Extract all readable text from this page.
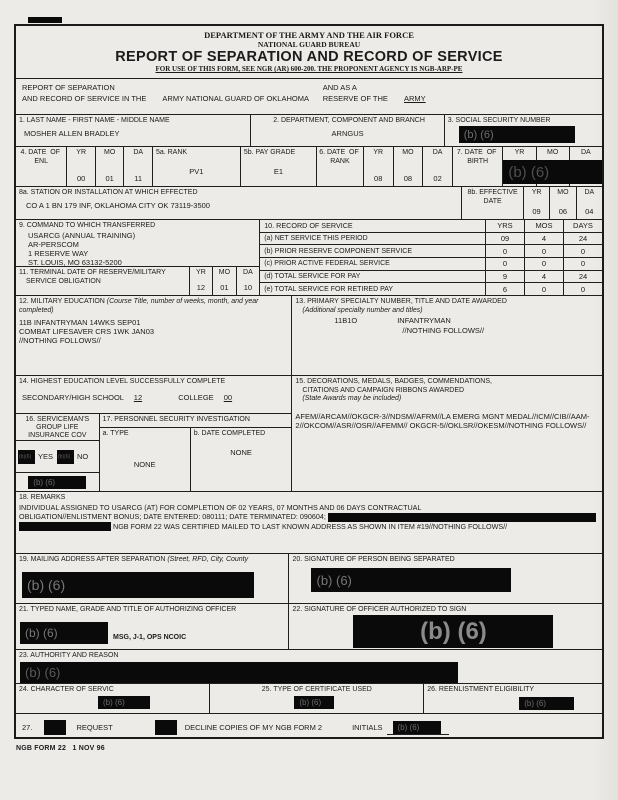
DEPARTMENT OF THE ARMY AND THE AIR FORCE
NATIONAL GUARD BUREAU
REPORT OF SEPARATION AND RECORD OF SERVICE
FOR USE OF THIS FORM, SEE NGR (AR) 600-200. THE PROPONENT AGENCY IS NGB-ARP-PE
REPORT OF SEPARATION
AND RECORD OF SERVICE IN THE ARMY NATIONAL GUARD OF OKLAHOMA
AND AS A
RESERVE OF THE ARMY
1. LAST NAME - FIRST NAME - MIDDLE NAME
MOSHER ALLEN BRADLEY
2. DEPARTMENT, COMPONENT AND BRANCH
ARNGUS
3. SOCIAL SECURITY NUMBER
(b) (6)
4. DATE  OF  ENL
YR
00
MO
01
DA
11
5a. RANK
PV1
5b. PAY GRADE
E1
6. DATE  OF  RANK
YR
08
MO
08
DA
02
7. DATE  OF  BIRTH
YR	MO	DA
(b) (6)
8a. STATION OR INSTALLATION AT WHICH EFFECTED
CO A 1 BN 179 INF, OKLAHOMA CITY OK 73119-3500
8b. EFFECTIVE DATE
YR
09
MO
06
DA
04
9. COMMAND TO WHICH TRANSFERRED
USARCG (ANNUAL TRAINING)
AR-PERSCOM
1 RESERVE WAY
ST. LOUIS, MO 63132-5200
11. TERMINAL DATE OF RESERVE/MILITARY
SERVICE OBLIGATION
YR
12
MO
01
DA
10
10. RECORD OF SERVICE	YRS	MOS	DAYS
(a) NET SERVICE THIS PERIOD	09	4	24
(b) PRIOR RESERVE COMPONENT SERVICE	0	0	0
(c) PRIOR ACTIVE FEDERAL SERVICE	0	0	0
(d) TOTAL SERVICE FOR PAY	9	4	24
(e) TOTAL SERVICE FOR RETIRED PAY	6	0	0
12. MILITARY EDUCATION (Course Title, number of weeks, month, and year completed)
11B INFANTRYMAN 14WKS SEP01
COMBAT LIFESAVER CRS 1WK JAN03
//NOTHING FOLLOWS//
13. PRIMARY SPECIALTY NUMBER, TITLE AND DATE AWARDED
(Additional specialty number and titles)
11B1O	INFANTRYMAN
//NOTHING FOLLOWS//
14. HIGHEST EDUCATION LEVEL SUCCESSFULLY COMPLETE
SECONDARY/HIGH SCHOOL 12	COLLEGE 00
16. SERVICEMAN'S
GROUP LIFE
INSURANCE COV
(b)(6) YES (b)(6) NO
(b) (6)
17. PERSONNEL SECURITY INVESTIGATION
a. TYPE
NONE
b. DATE COMPLETED
NONE
15. DECORATIONS, MEDALS, BADGES, COMMENDATIONS,
CITATIONS AND CAMPAIGN RIBBONS AWARDED
(State Awards may be included)
AFEM//ARCAM//OKGCR-3//NDSM//AFRM//LA EMERG MGNT MEDAL//ICM//CIB//AAM-2//OKCOM//ASR//OSR//AFEMM// OKGCR-5//OKLSR//OKESM//NOTHING FOLLOWS//
18. REMARKS
INDIVIDUAL ASSIGNED TO USARCG (AT) FOR COMPLETION OF 02 YEARS, 07 MONTHS AND 06 DAYS CONTRACTUAL
OBLIGATION//ENLISTMENT BONUS; DATE ENTERED: 080111; DATE TERMINATED: 090604;
NGB FORM 22 WAS CERTIFIED MAILED TO LAST KNOWN ADDRESS AS SHOWN IN ITEM #19//NOTHING FOLLOWS//
19. MAILING ADDRESS AFTER SEPARATION (Street, RFD, City, County
(b) (6)
20. SIGNATURE OF PERSON BEING SEPARATED
(b) (6)
21. TYPED NAME, GRADE AND TITLE OF AUTHORIZING OFFICER
(b) (6)	MSG, J-1, OPS NCOIC
22. SIGNATURE OF OFFICER AUTHORIZED TO SIGN
(b) (6)
23. AUTHORITY AND REASON
(b) (6)
24. CHARACTER OF SERVIC
(b) (6)
25. TYPE OF CERTIFICATE USED
(b) (6)
26. REENLISTMENT ELIGIBILITY
(b) (6)
27.	REQUEST	DECLINE COPIES OF MY NGB FORM 2	INITIALS	(b) (6)
NGB FORM 22 1 NOV 96
